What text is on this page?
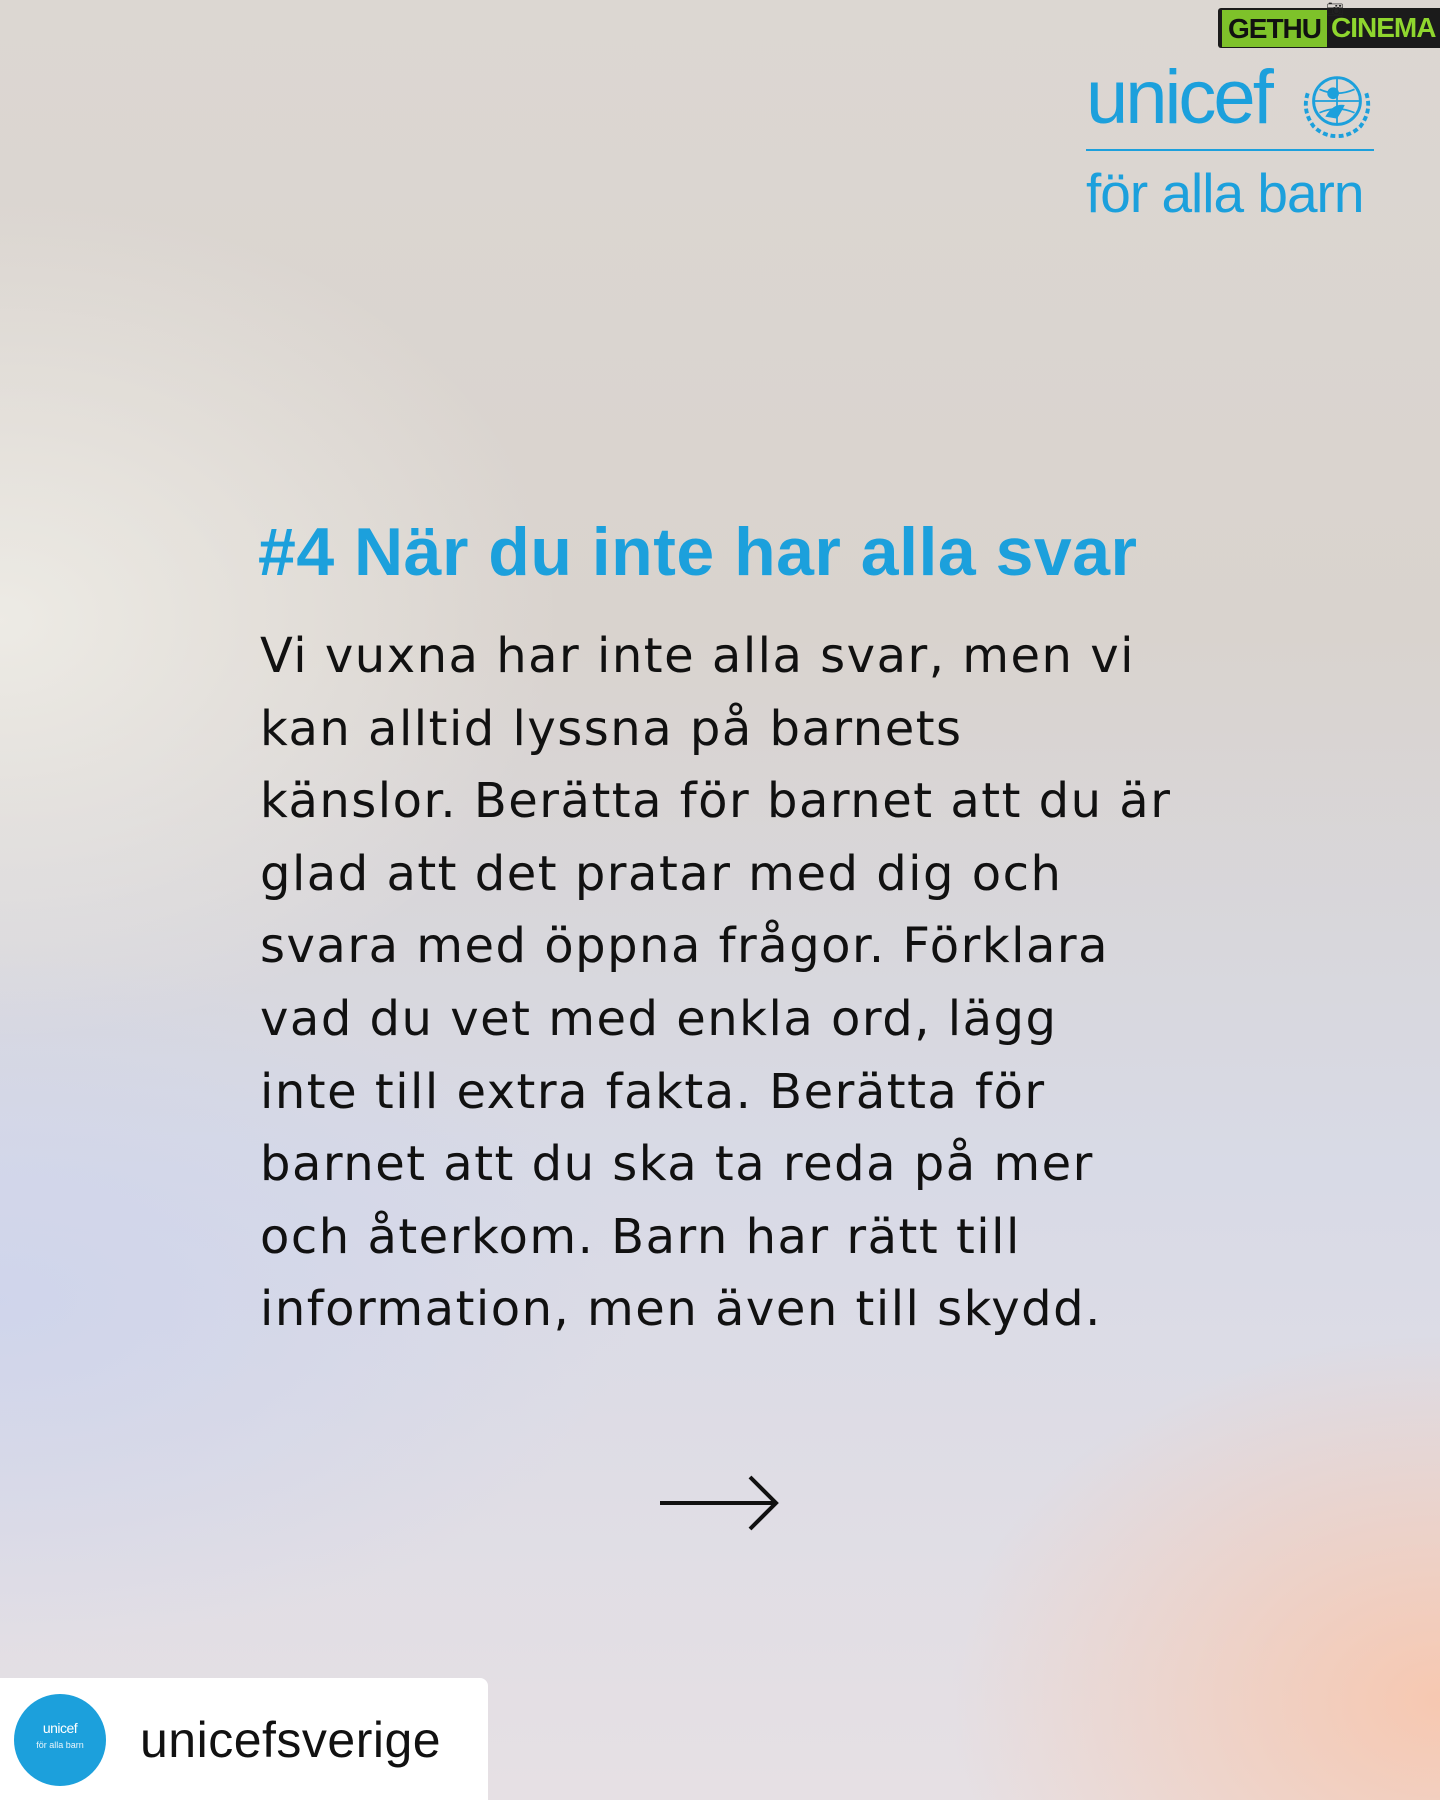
GETHU CINEMA
📷︎
unicef
för alla barn
#4 När du inte har alla svar

Vi vuxna har inte alla svar, men vi
kan alltid lyssna på barnets
känslor. Berätta för barnet att du är
glad att det pratar med dig och
svara med öppna frågor. Förklara
vad du vet med enkla ord, lägg
inte till extra fakta. Berätta för
barnet att du ska ta reda på mer
och återkom. Barn har rätt till
information, men även till skydd.

unicef
för alla barn	unicefsverige
